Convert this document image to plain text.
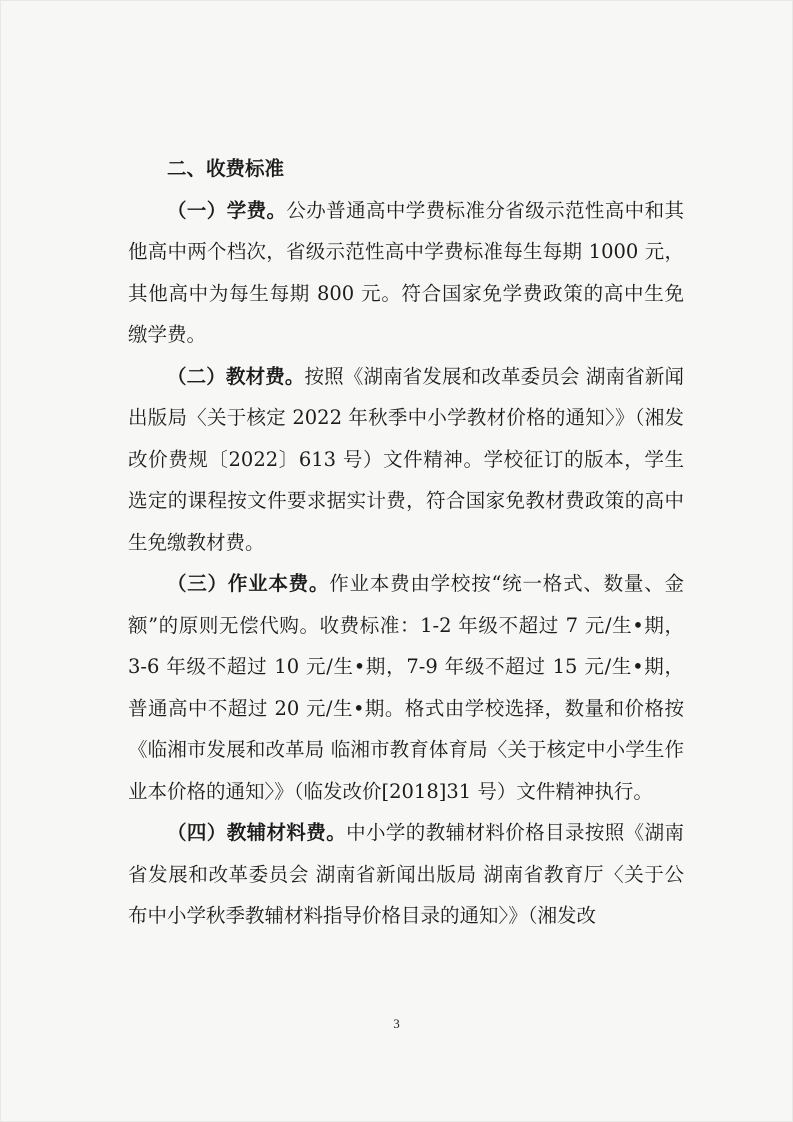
二、收费标准

（一）学费。公办普通高中学费标准分省级示范性高中和其他高中两个档次，省级示范性高中学费标准每生每期 1000 元，其他高中为每生每期 800 元。符合国家免学费政策的高中生免缴学费。

（二）教材费。按照《湖南省发展和改革委员会 湖南省新闻出版局〈关于核定 2022 年秋季中小学教材价格的通知〉》（湘发改价费规〔2022〕613 号）文件精神。学校征订的版本，学生选定的课程按文件要求据实计费，符合国家免教材费政策的高中生免缴教材费。

（三）作业本费。作业本费由学校按“统一格式、数量、金额”的原则无偿代购。收费标准：1-2 年级不超过 7 元/生•期，3-6 年级不超过 10 元/生•期，7-9 年级不超过 15 元/生•期，普通高中不超过 20 元/生•期。格式由学校选择，数量和价格按《临湘市发展和改革局 临湘市教育体育局〈关于核定中小学生作业本价格的通知〉》（临发改价[2018]31 号）文件精神执行。

（四）教辅材料费。中小学的教辅材料价格目录按照《湖南省发展和改革委员会 湖南省新闻出版局 湖南省教育厅〈关于公布中小学秋季教辅材料指导价格目录的通知〉》（湘发改

3
